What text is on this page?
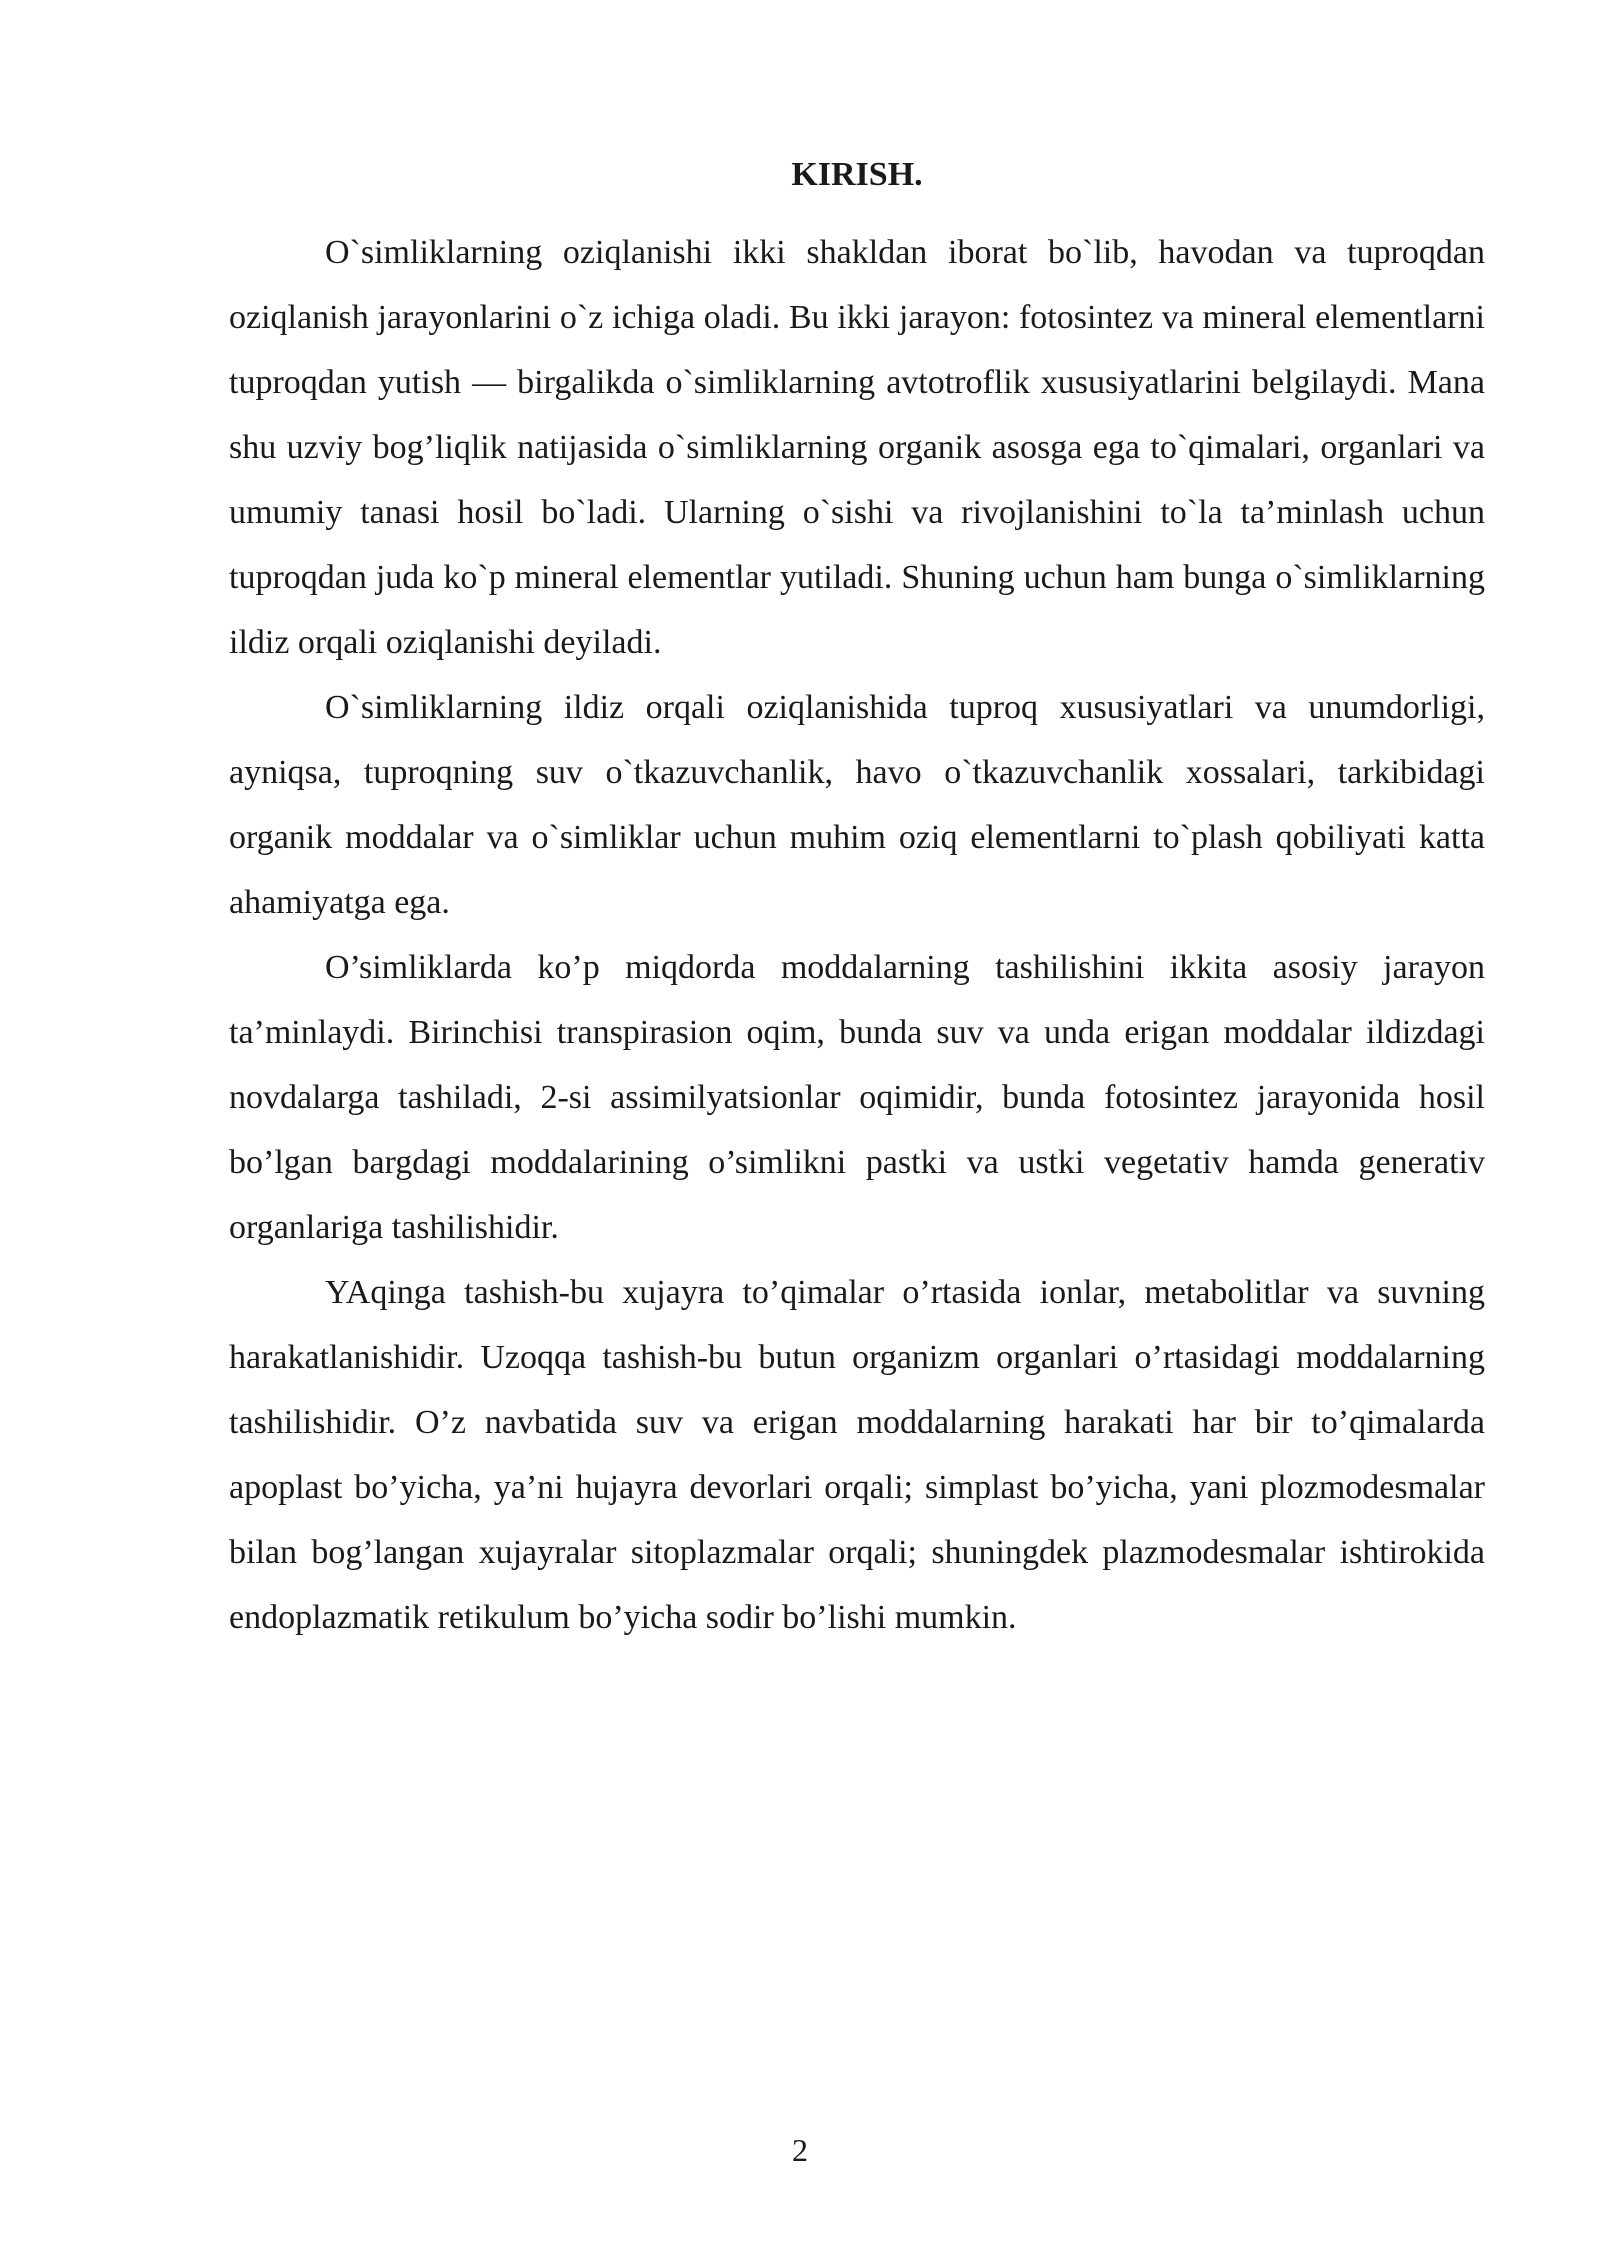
KIRISH.

O`simliklarning oziqlanishi ikki shakldan iborat bo`lib, havodan va tuproqdan oziqlanish jarayonlarini o`z ichiga oladi. Bu ikki jarayon: fotosintez va mineral elementlarni tuproqdan yutish — birgalikda o`simliklarning avtotroflik xususiyatlarini belgilaydi. Mana shu uzviy bog’liqlik natijasida o`simliklarning organik asosga ega to`qimalari, organlari va umumiy tanasi hosil bo`ladi. Ularning o`sishi va rivojlanishini to`la ta’minlash uchun tuproqdan juda ko`p mineral elementlar yutiladi. Shuning uchun ham bunga o`simliklarning ildiz orqali oziqlanishi deyiladi.

O`simliklarning ildiz orqali oziqlanishida tuproq xususiyatlari va unumdorligi, ayniqsa, tuproqning suv o`tkazuvchanlik, havo o`tkazuvchanlik xossalari, tarkibidagi organik moddalar va o`simliklar uchun muhim oziq elementlarni to`plash qobiliyati katta ahamiyatga ega.

O’simliklarda ko’p miqdorda moddalarning tashilishini ikkita asosiy jarayon ta’minlaydi. Birinchisi transpirasion oqim, bunda suv va unda erigan moddalar ildizdagi novdalarga tashiladi, 2-si assimilyatsionlar oqimidir, bunda fotosintez jarayonida hosil bo’lgan bargdagi moddalarining o’simlikni pastki va ustki vegetativ hamda generativ organlariga tashilishidir.

YAqinga tashish-bu xujayra to’qimalar o’rtasida ionlar, metabolitlar va suvning harakatlanishidir. Uzoqqa tashish-bu butun organizm organlari o’rtasidagi moddalarning tashilishidir. O’z navbatida suv va erigan moddalarning harakati har bir to’qimalarda apoplast bo’yicha, ya’ni hujayra devorlari orqali; simplast bo’yicha, yani plozmodesmalar bilan bog’langan xujayralar sitoplazmalar orqali; shuningdek plazmodesmalar ishtirokida endoplazmatik retikulum bo’yicha sodir bo’lishi mumkin.

2
